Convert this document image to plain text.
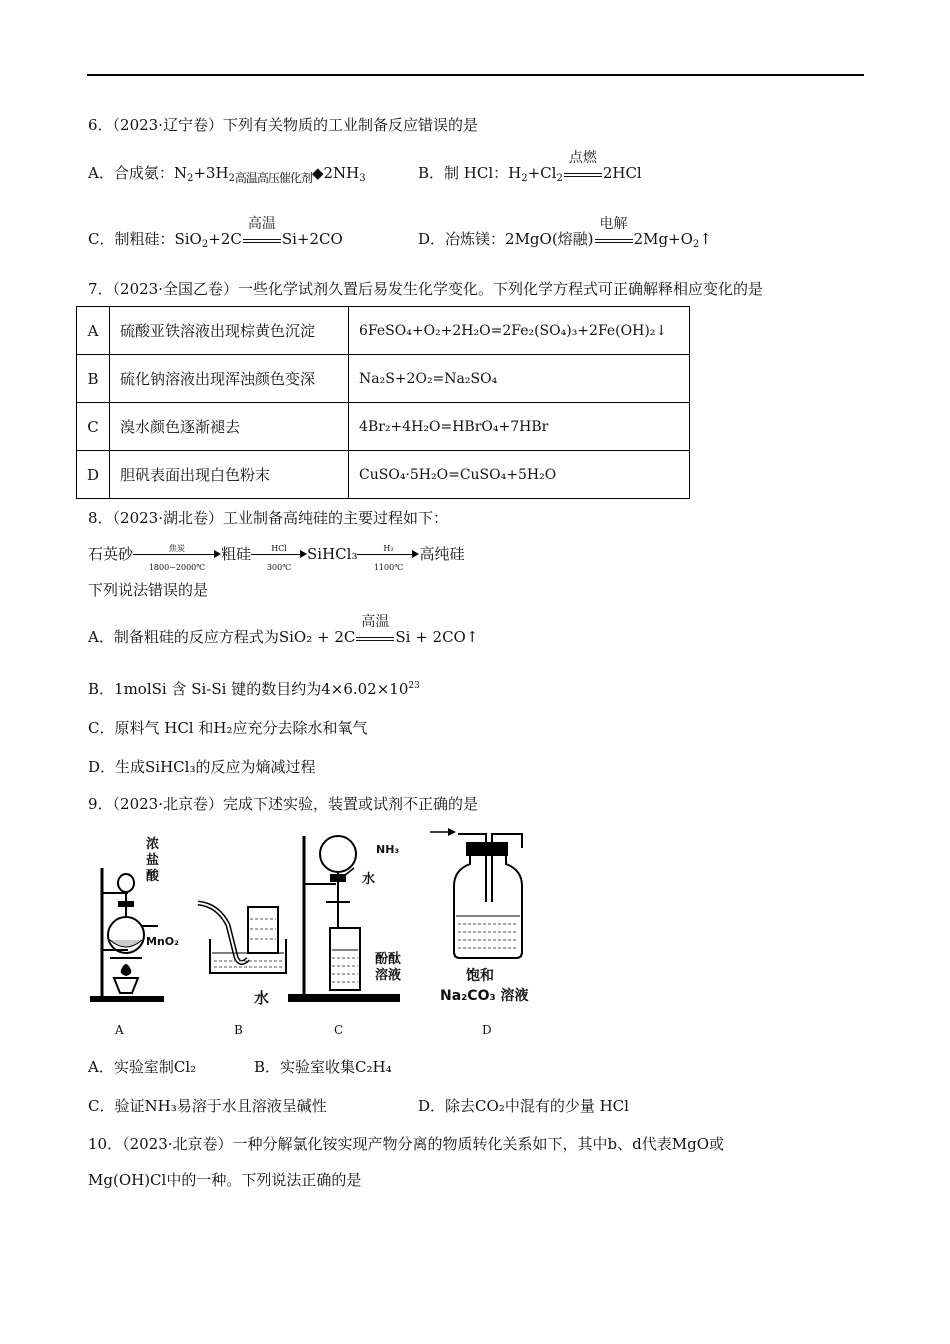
6．（2023·辽宁卷）下列有关物质的工业制备反应错误的是
A．合成氨：$N_2+3H_{2高温高压催化剂}◆2NH_3$	B．制 HCl：$H_2+Cl_2$
点燃
2HCl
C．制粗硅：SiO$_2$+2C
高温
Si+2CO	D．冶炼镁：2MgO(熔融)
电解
$2Mg+O_2↑$
7．（2023·全国乙卷）一些化学试剂久置后易发生化学变化。下列化学方程式可正确解释相应变化的是
A	硫酸亚铁溶液出现棕黄色沉淀	6FeSO₄+O₂+2H₂O=2Fe₂(SO₄)₃+2Fe(OH)₂↓
B	硫化钠溶液出现浑浊颜色变深	Na₂S+2O₂=Na₂SO₄
C	溴水颜色逐渐褪去	4Br₂+4H₂O=HBrO₄+7HBr
D	胆矾表面出现白色粉末	CuSO₄·5H₂O=CuSO₄+5H₂O
8．（2023·湖北卷）工业制备高纯硅的主要过程如下：
石英砂	焦炭
1800~2000℃
粗硅	HCl
300℃
SiHCl₃ $\frac{\text{H₂}}{1100℃}$ 高纯硅
下列说法错误的是
A．制备粗硅的反应方程式为SiO₂ + 2C
高温
Si + 2CO↑
B．1molSi 含 Si-Si 键的数目约为$4\times 6.02\times 10^{23}$
C．原料气 HCl 和H₂应充分去除水和氧气
D．生成SiHCl₃的反应为熵减过程
9．（2023·北京卷）完成下述实验，装置或试剂不正确的是
浓
盐
酸
MnO₂
水
NH₃
水
酚酞
溶液	饱和
Na₂CO₃ 溶液
A	B	C	D
A．实验室制Cl₂	B．实验室收集C₂H₄
C．验证NH₃易溶于水且溶液呈碱性	D．除去CO₂中混有的少量 HCl
10．（2023·北京卷）一种分解氯化铵实现产物分离的物质转化关系如下，其中b、d代表MgO或
Mg(OH)Cl中的一种。下列说法正确的是
